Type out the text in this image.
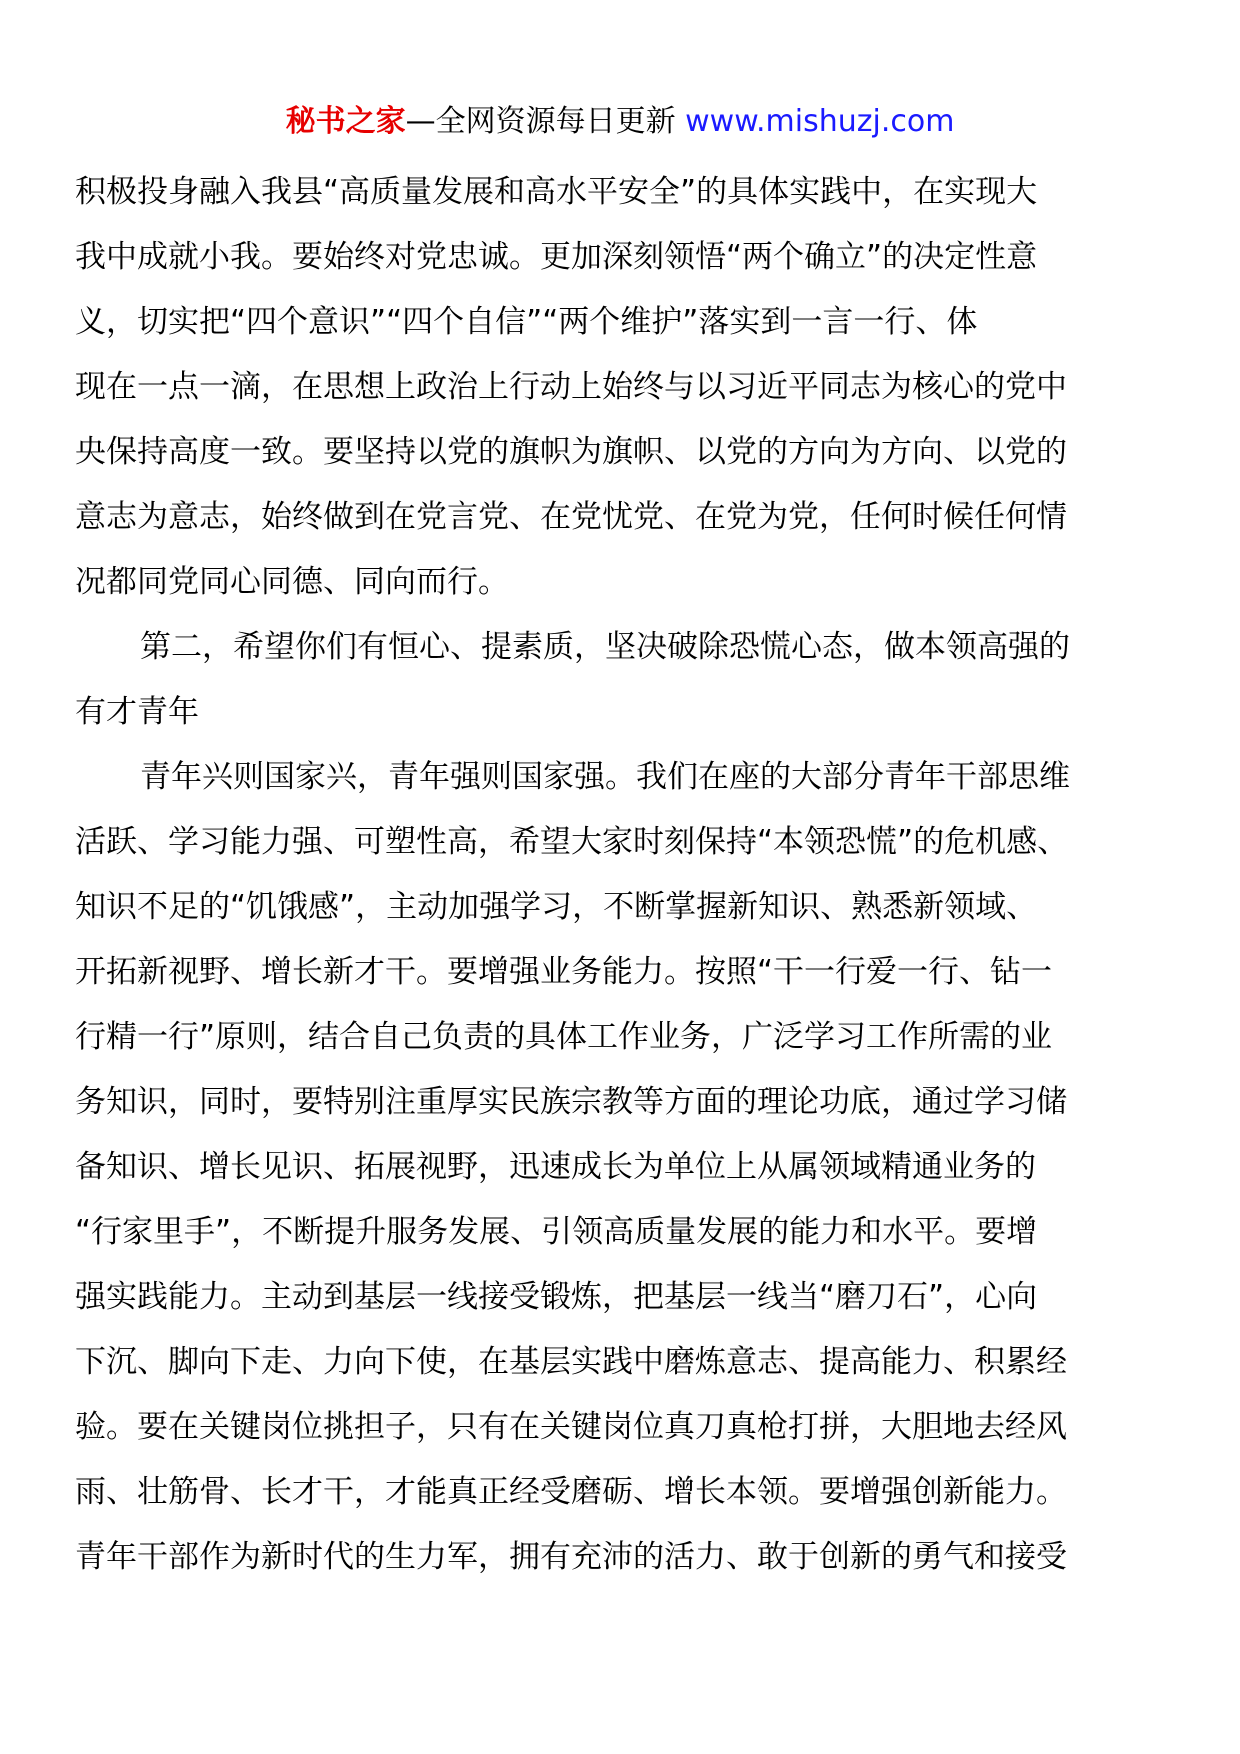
秘书之家—全网资源每日更新 www.mishuzj.com
积极投身融入我县“高质量发展和高水平安全”的具体实践中，在实现大
我中成就小我。要始终对党忠诚。更加深刻领悟“两个确立”的决定性意
义，切实把“四个意识”“四个自信”“两个维护”落实到一言一行、体
现在一点一滴，在思想上政治上行动上始终与以习近平同志为核心的党中
央保持高度一致。要坚持以党的旗帜为旗帜、以党的方向为方向、以党的
意志为意志，始终做到在党言党、在党忧党、在党为党，任何时候任何情
况都同党同心同德、同向而行。
第二，希望你们有恒心、提素质，坚决破除恐慌心态，做本领高强的
有才青年
青年兴则国家兴，青年强则国家强。我们在座的大部分青年干部思维
活跃、学习能力强、可塑性高，希望大家时刻保持“本领恐慌”的危机感、
知识不足的“饥饿感”，主动加强学习，不断掌握新知识、熟悉新领域、
开拓新视野、增长新才干。要增强业务能力。按照“干一行爱一行、钻一
行精一行”原则，结合自己负责的具体工作业务，广泛学习工作所需的业
务知识，同时，要特别注重厚实民族宗教等方面的理论功底，通过学习储
备知识、增长见识、拓展视野，迅速成长为单位上从属领域精通业务的
“行家里手”，不断提升服务发展、引领高质量发展的能力和水平。要增
强实践能力。主动到基层一线接受锻炼，把基层一线当“磨刀石”，心向
下沉、脚向下走、力向下使，在基层实践中磨炼意志、提高能力、积累经
验。要在关键岗位挑担子，只有在关键岗位真刀真枪打拼，大胆地去经风
雨、壮筋骨、长才干，才能真正经受磨砺、增长本领。要增强创新能力。
青年干部作为新时代的生力军，拥有充沛的活力、敢于创新的勇气和接受
